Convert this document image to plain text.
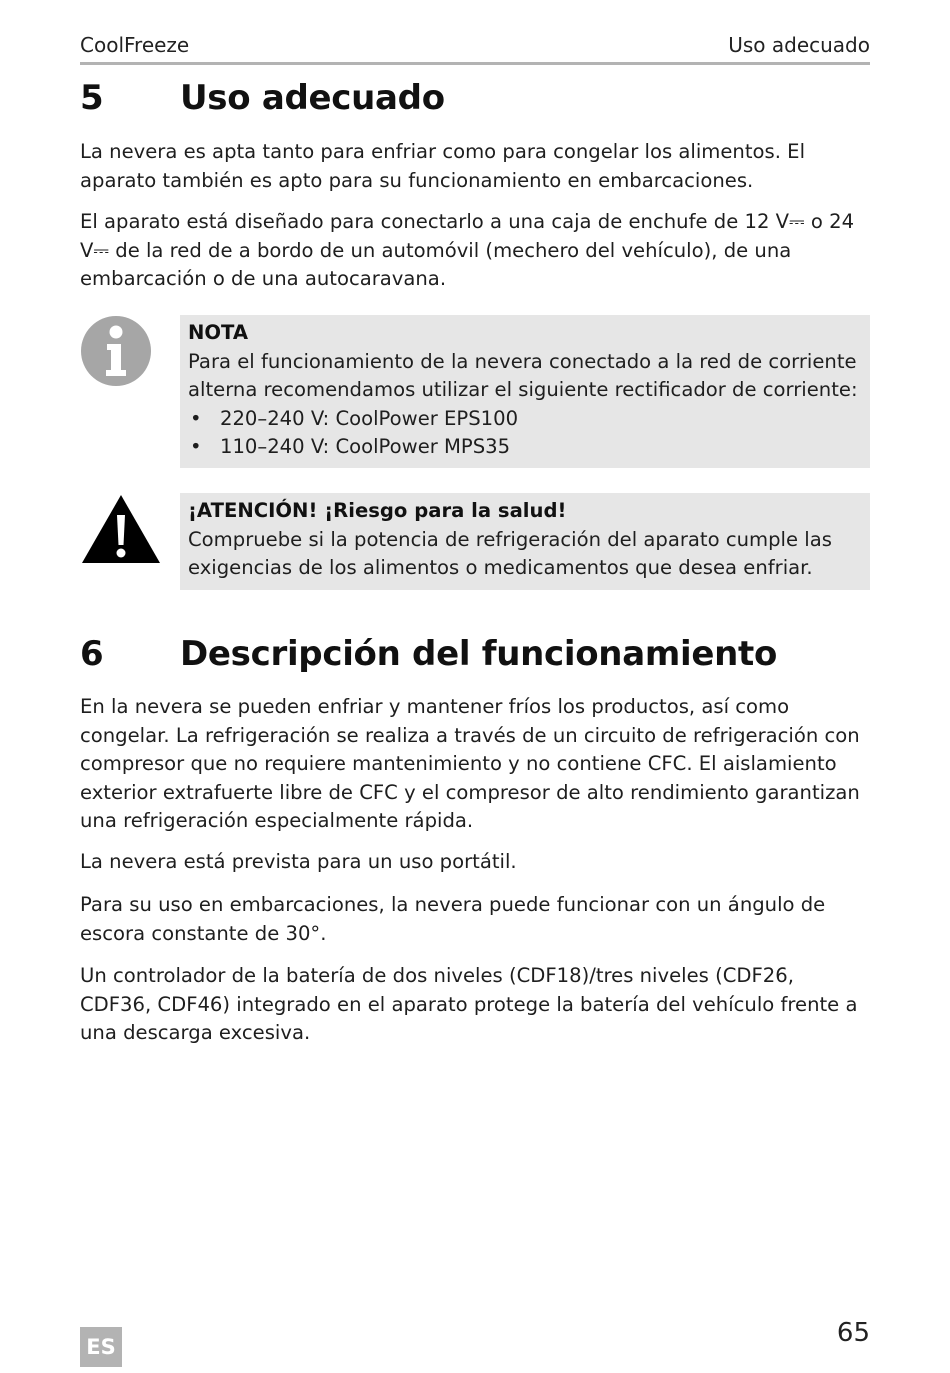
CoolFreeze	Uso adecuado
5 Uso adecuado

La nevera es apta tanto para enfriar como para congelar los alimentos. El aparato también es apto para su funcionamiento en embarcaciones.

El aparato está diseñado para conectarlo a una caja de enchufe de 12 V⎓ o 24 V⎓ de la red de a bordo de un automóvil (mechero del vehículo), de una embarcación o de una autocaravana.

NOTA
Para el funcionamiento de la nevera conectado a la red de corriente alterna recomendamos utilizar el siguiente rectificador de corriente:
• 220–240 V: CoolPower EPS100
• 110–240 V: CoolPower MPS35
¡ATENCIÓN! ¡Riesgo para la salud!
Compruebe si la potencia de refrigeración del aparato cumple las exigencias de los alimentos o medicamentos que desea enfriar.
6 Descripción del funcionamiento

En la nevera se pueden enfriar y mantener fríos los productos, así como congelar. La refrigeración se realiza a través de un circuito de refrigeración con compresor que no requiere mantenimiento y no contiene CFC. El aislamiento exterior extrafuerte libre de CFC y el compresor de alto rendimiento garantizan una refrigeración especialmente rápida.

La nevera está prevista para un uso portátil.

Para su uso en embarcaciones, la nevera puede funcionar con un ángulo de escora constante de 30°.

Un controlador de la batería de dos niveles (CDF18)/tres niveles (CDF26, CDF36, CDF46) integrado en el aparato protege la batería del vehículo frente a una descarga excesiva.

ES	65
